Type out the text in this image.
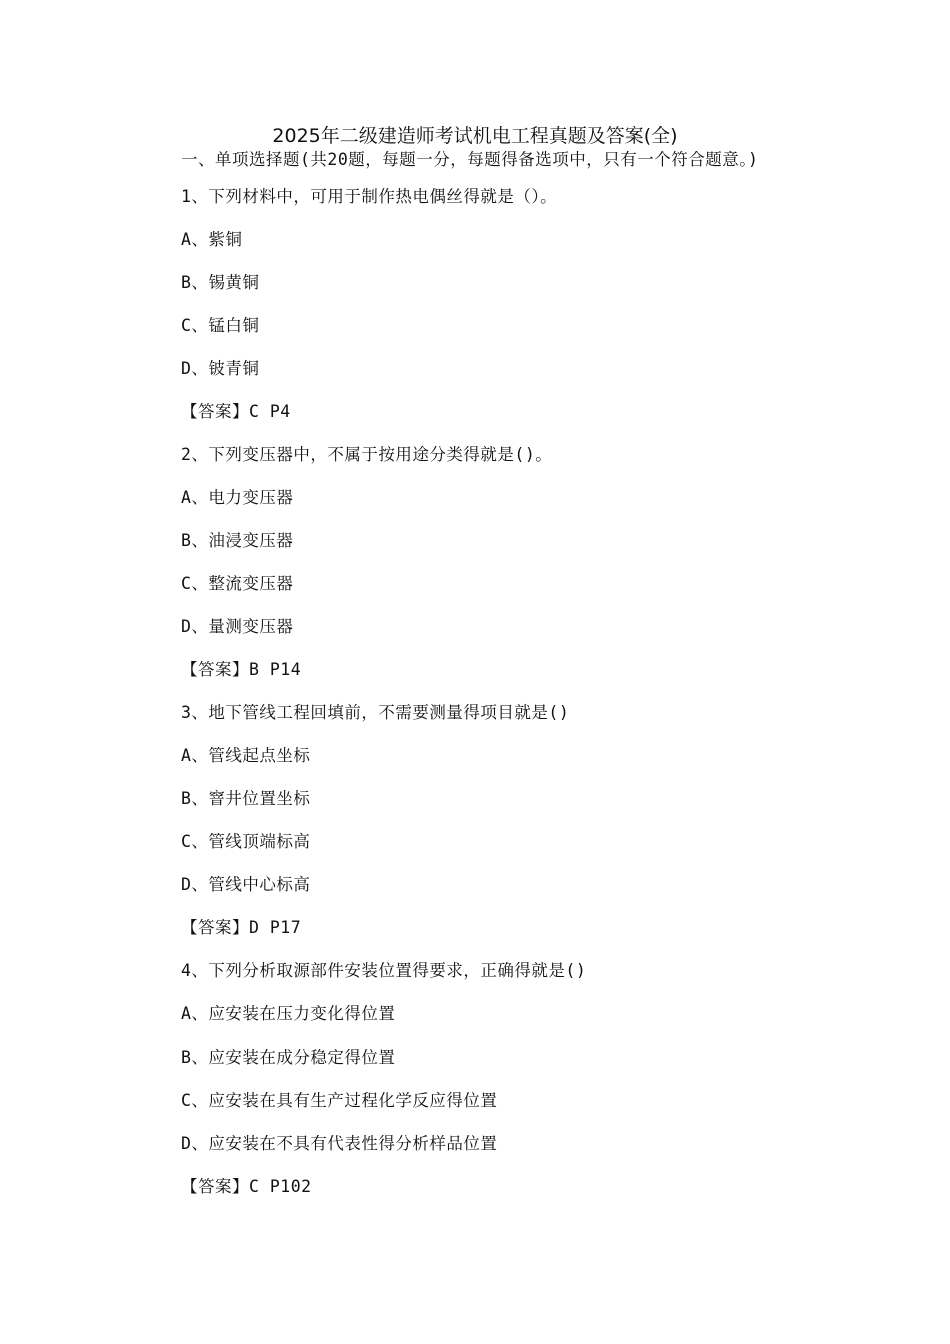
2025年二级建造师考试机电工程真题及答案(全)

一、单项选择题(共20题，每题一分，每题得备选项中，只有一个符合题意。)

1、下列材料中，可用于制作热电偶丝得就是（）。

A、紫铜

B、锡黄铜

C、锰白铜

D、铍青铜

【答案】C P4

2、下列变压器中，不属于按用途分类得就是()。

A、电力变压器

B、油浸变压器

C、整流变压器

D、量测变压器

【答案】B P14

3、地下管线工程回填前，不需要测量得项目就是()

A、管线起点坐标

B、窨井位置坐标

C、管线顶端标高

D、管线中心标高

【答案】D P17

4、下列分析取源部件安装位置得要求，正确得就是()

A、应安装在压力变化得位置

B、应安装在成分稳定得位置

C、应安装在具有生产过程化学反应得位置

D、应安装在不具有代表性得分析样品位置

【答案】C P102
